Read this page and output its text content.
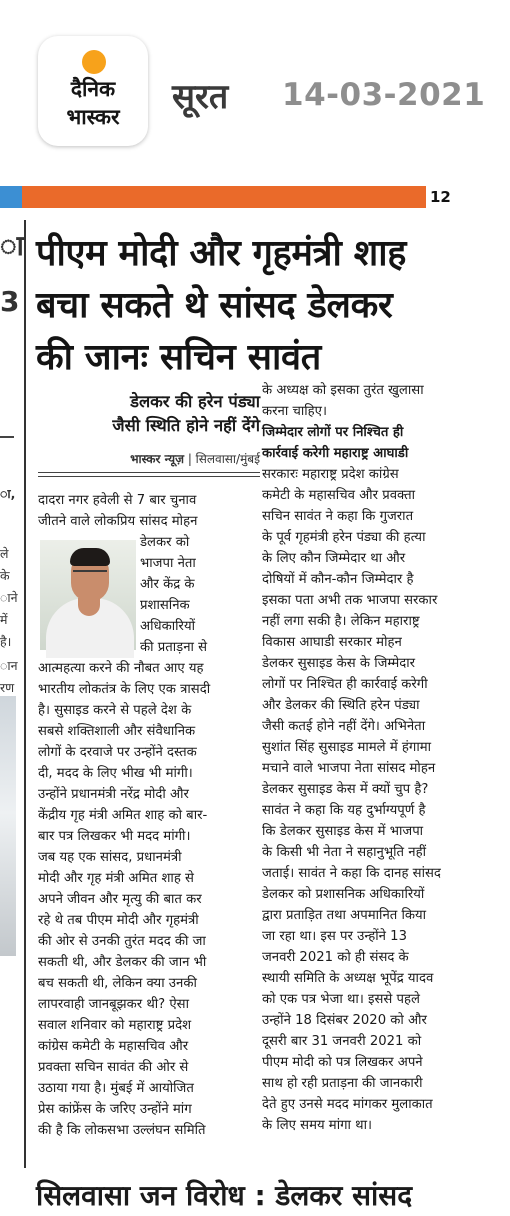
दैनिक
भास्कर	सूरत 14-03-2021
12
ा
3
ा,
ले
के
ाने
में
है।
ान
रण
पीएम मोदी और गृहमंत्री शाह
बचा सकते थे सांसद डेलकर
की जानः सचिन सावंत
डेलकर की हरेन पंड्या
जैसी स्थिति होने नहीं देंगे
भास्कर न्यूज़ | सिलवासा/मुंबई

दादरा नगर हवेली से 7 बार चुनाव

जीतने वाले लोकप्रिय सांसद मोहन

डेलकर को

भाजपा नेता

और केंद्र के

प्रशासनिक

अधिकारियों

की प्रताड़ना से

आत्महत्या करने की नौबत आए यह

भारतीय लोकतंत्र के लिए एक त्रासदी

है। सुसाइड करने से पहले देश के

सबसे शक्तिशाली और संवैधानिक

लोगों के दरवाजे पर उन्होंने दस्तक

दी, मदद के लिए भीख भी मांगी।

उन्होंने प्रधानमंत्री नरेंद्र मोदी और

केंद्रीय गृह मंत्री अमित शाह को बार-

बार पत्र लिखकर भी मदद मांगी।

जब यह एक सांसद, प्रधानमंत्री

मोदी और गृह मंत्री अमित शाह से

अपने जीवन और मृत्यु की बात कर

रहे थे तब पीएम मोदी और गृहमंत्री

की ओर से उनकी तुरंत मदद की जा

सकती थी, और डेलकर की जान भी

बच सकती थी, लेकिन क्या उनकी

लापरवाही जानबूझकर थी? ऐसा

सवाल शनिवार को महाराष्ट्र प्रदेश

कांग्रेस कमेटी के महासचिव और

प्रवक्ता सचिन सावंत की ओर से

उठाया गया है। मुंबई में आयोजित

प्रेस कांफ्रेंस के जरिए उन्होंने मांग

की है कि लोकसभा उल्लंघन समिति

के अध्यक्ष को इसका तुरंत खुलासा

करना चाहिए।

जिम्मेदार लोगों पर निश्चित ही

कार्रवाई करेगी महाराष्ट्र आघाडी

सरकारः महाराष्ट्र प्रदेश कांग्रेस

कमेटी के महासचिव और प्रवक्ता

सचिन सावंत ने कहा कि गुजरात

के पूर्व गृहमंत्री हरेन पंड्या की हत्या

के लिए कौन जिम्मेदार था और

दोषियों में कौन-कौन जिम्मेदार है

इसका पता अभी तक भाजपा सरकार

नहीं लगा सकी है। लेकिन महाराष्ट्र

विकास आघाडी सरकार मोहन

डेलकर सुसाइड केस के जिम्मेदार

लोगों पर निश्चित ही कार्रवाई करेगी

और डेलकर की स्थिति हरेन पंड्या

जैसी कतई होने नहीं देंगे। अभिनेता

सुशांत सिंह सुसाइड मामले में हंगामा

मचाने वाले भाजपा नेता सांसद मोहन

डेलकर सुसाइड केस में क्यों चुप है?

सावंत ने कहा कि यह दुर्भाग्यपूर्ण है

कि डेलकर सुसाइड केस में भाजपा

के किसी भी नेता ने सहानुभूति नहीं

जताई। सावंत ने कहा कि दानह सांसद

डेलकर को प्रशासनिक अधिकारियों

द्वारा प्रताड़ित तथा अपमानित किया

जा रहा था। इस पर उन्होंने 13

जनवरी 2021 को ही संसद के

स्थायी समिति के अध्यक्ष भूपेंद्र यादव

को एक पत्र भेजा था। इससे पहले

उन्होंने 18 दिसंबर 2020 को और

दूसरी बार 31 जनवरी 2021 को

पीएम मोदी को पत्र लिखकर अपने

साथ हो रही प्रताड़ना की जानकारी

देते हुए उनसे मदद मांगकर मुलाकात

के लिए समय मांगा था।

सिलवासा जन विरोध : डेलकर सांसद
